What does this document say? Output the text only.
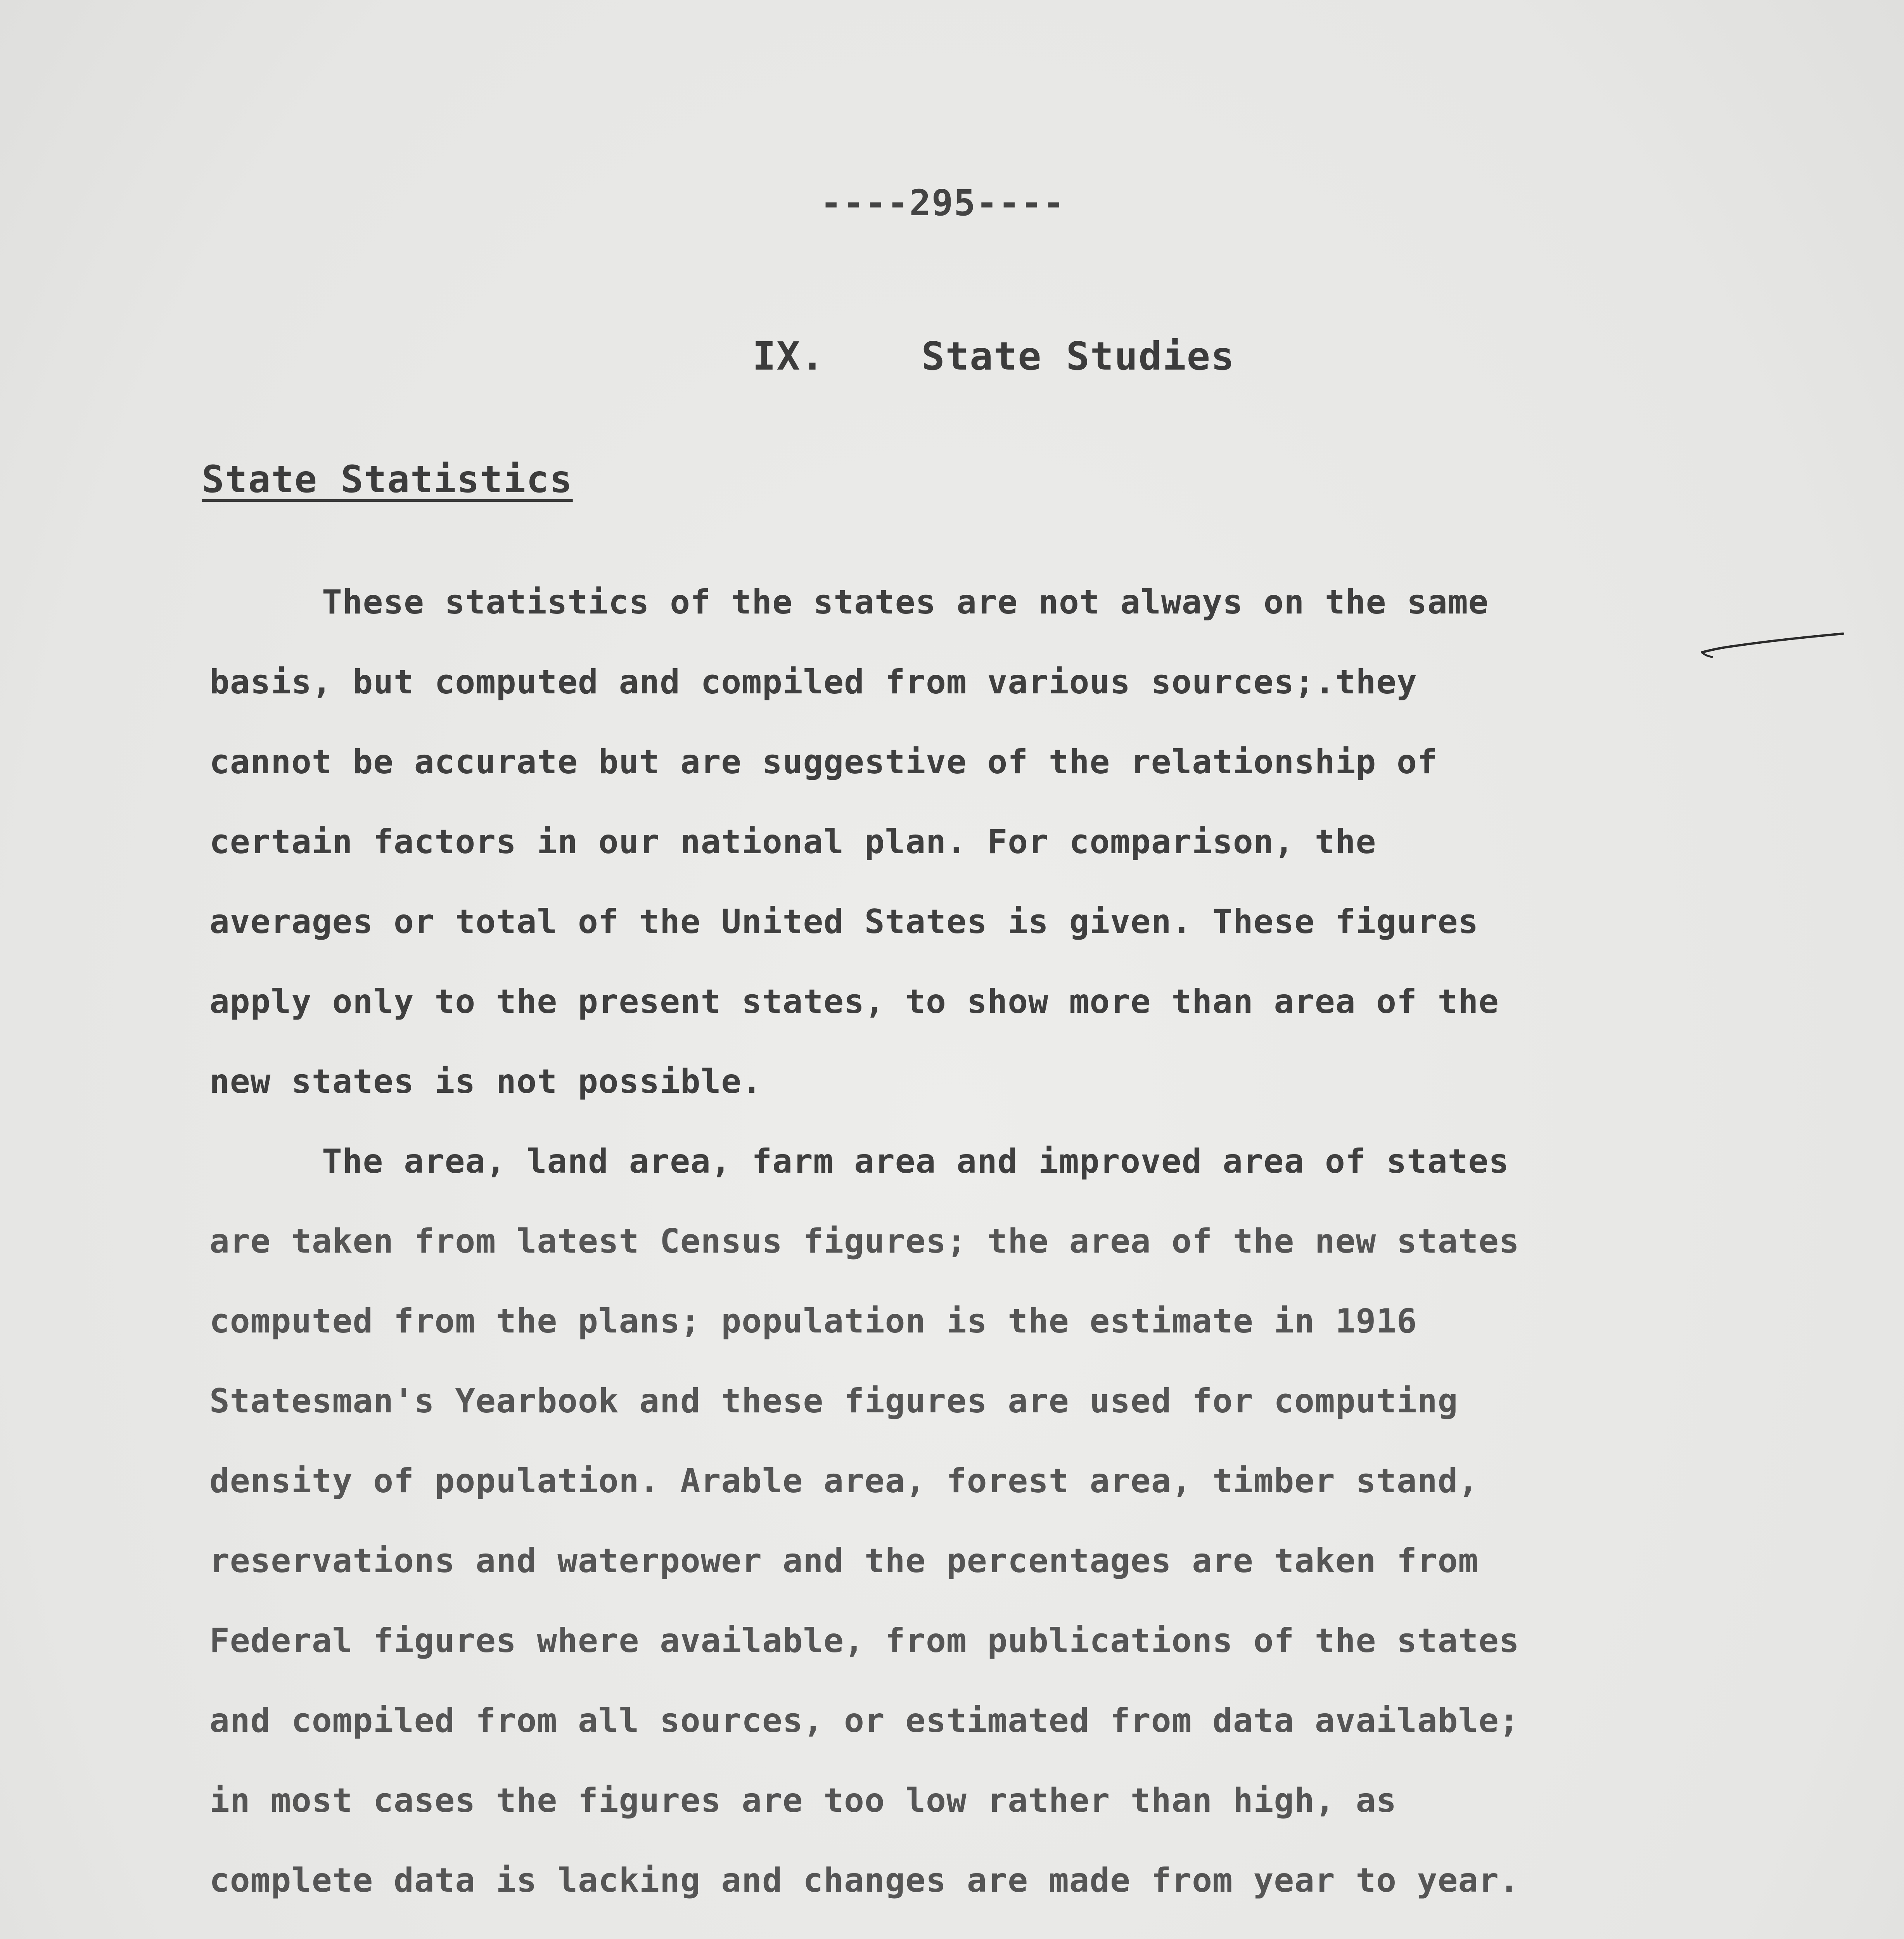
----295----
IX.    State Studies
State Statistics
These statistics of the states are not always on the same
basis, but computed and compiled from various sources;.they
cannot be accurate but are suggestive of the relationship of
certain factors in our national plan. For comparison, the
averages or total of the United States is given. These figures
apply only to the present states, to show more than area of the
new states is not possible.
The area, land area, farm area and improved area of states
are taken from latest Census figures; the area of the new states
computed from the plans; population is the estimate in 1916
Statesman's Yearbook and these figures are used for computing
density of population. Arable area, forest area, timber stand,
reservations and waterpower and the percentages are taken from
Federal figures where available, from publications of the states
and compiled from all sources, or estimated from data available;
in most cases the figures are too low rather than high, as
complete data is lacking and changes are made from year to year.
